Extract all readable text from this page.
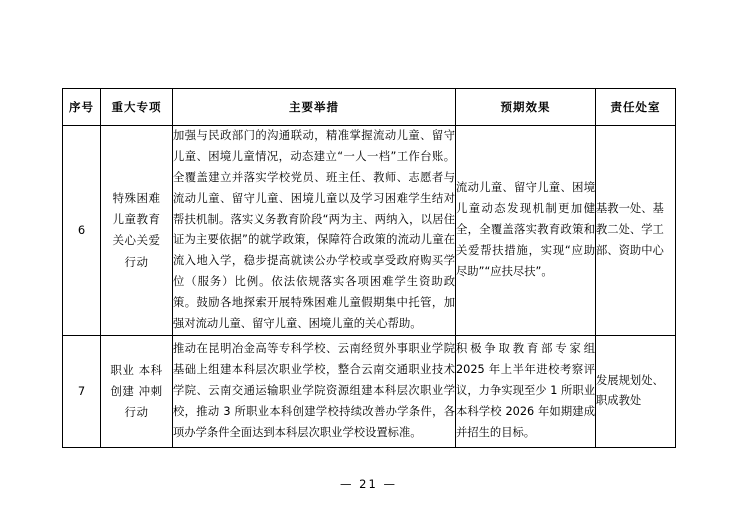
序号	重大专项	主要举措	预期效果	责任处室
6	特殊困难
儿童教育
关心关爱
行动	加强与民政部门的沟通联动，精准掌握流动儿童、留守儿童、困境儿童情况，动态建立“一人一档”工作台账。全覆盖建立并落实学校党员、班主任、教师、志愿者与流动儿童、留守儿童、困境儿童以及学习困难学生结对帮扶机制。落实义务教育阶段“两为主、两纳入，以居住证为主要依据”的就学政策，保障符合政策的流动儿童在流入地入学，稳步提高就读公办学校或享受政府购买学位（服务）比例。依法依规落实各项困难学生资助政策。鼓励各地探索开展特殊困难儿童假期集中托管，加强对流动儿童、留守儿童、困境儿童的关心帮助。	流动儿童、留守儿童、困境儿童动态发现机制更加健全，全覆盖落实教育政策和关爱帮扶措施，实现“应助尽助”“应扶尽扶”。	基教一处、基教二处、学工部、资助中心
7	职业 本科
创建 冲刺
行动	推动在昆明冶金高等专科学校、云南经贸外事职业学院基础上组建本科层次职业学校，整合云南交通职业技术学院、云南交通运输职业学院资源组建本科层次职业学校，推动 3 所职业本科创建学校持续改善办学条件，各项办学条件全面达到本科层次职业学校设置标准。	积极争取教育部专家组 2025 年上半年进校考察评议，力争实现至少 1 所职业本科学校 2026 年如期建成并招生的目标。	发展规划处、职成教处
— 21 —
